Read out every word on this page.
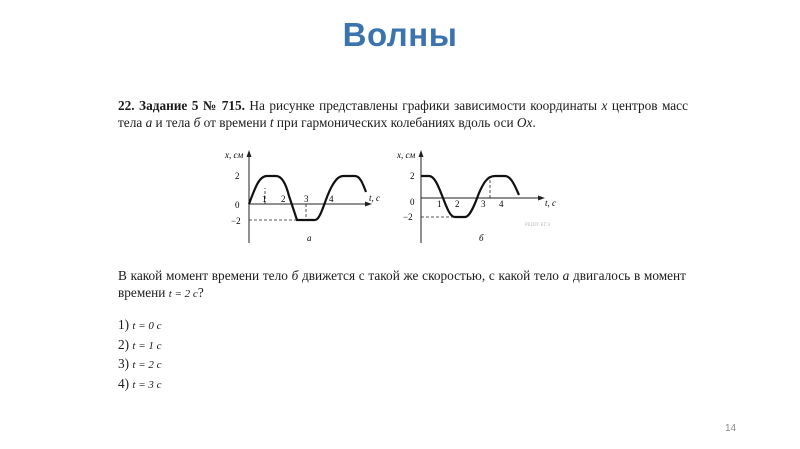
Волны
22. Задание 5 № 715. На рисунке представлены графики зависимости координаты x центров масс тела а и тела б от времени t при гармонических колебаниях вдоль оси Ox.
x, см
2
0
−2
1 2 3 4	t, с
а
x, см
2
0
−2
1 2 3 4	t, с
РЕШУ ЕГЭ
б
В какой момент времени тело б движется с такой же скоростью, с какой тело а двигалось в момент времени t = 2 с?
1) t = 0 с
2) t = 1 с
3) t = 2 с
4) t = 3 с
14
